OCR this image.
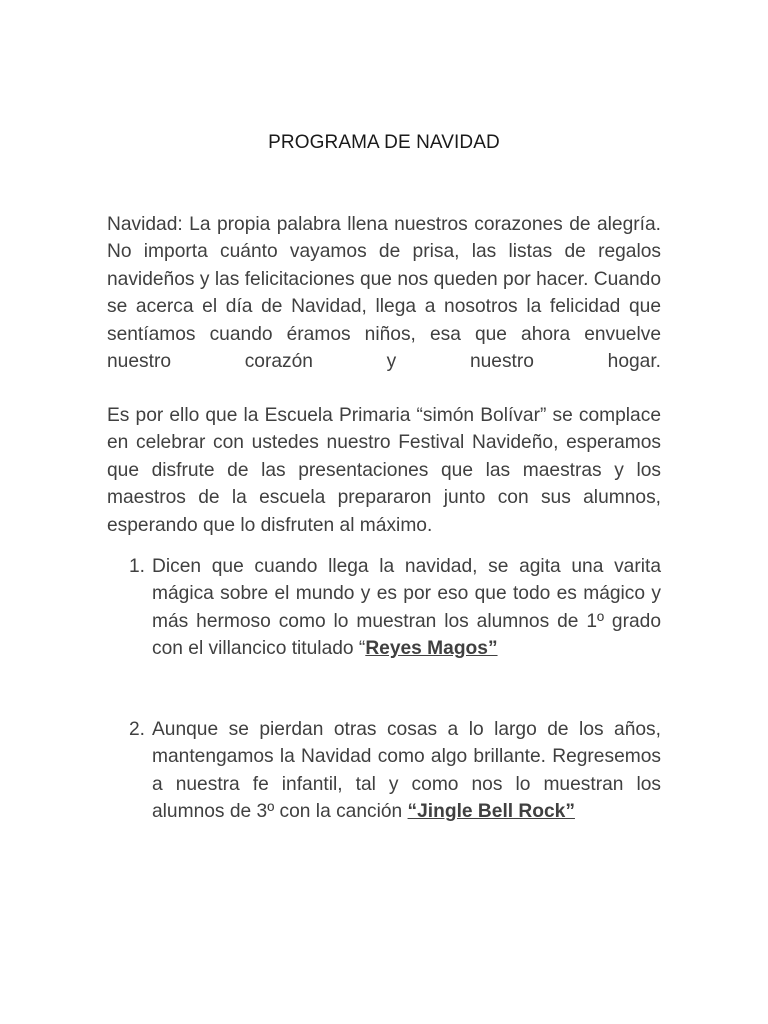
PROGRAMA DE NAVIDAD
Navidad: La propia palabra llena nuestros corazones de alegría. No importa cuánto vayamos de prisa, las listas de regalos navideños y las felicitaciones que nos queden por hacer. Cuando se acerca el día de Navidad, llega a nosotros la felicidad que sentíamos cuando éramos niños, esa que ahora envuelve nuestro corazón y nuestro hogar.
Es por ello que la Escuela Primaria “simón Bolívar” se complace en celebrar con ustedes nuestro Festival Navideño, esperamos que disfrute de las presentaciones que las maestras y los maestros de la escuela prepararon junto con sus alumnos, esperando que lo disfruten al máximo.
1. Dicen que cuando llega la navidad, se agita una varita mágica sobre el mundo y es por eso que todo es mágico y más hermoso como lo muestran los alumnos de 1º grado con el villancico titulado “Reyes Magos”
2. Aunque se pierdan otras cosas a lo largo de los años, mantengamos la Navidad como algo brillante. Regresemos a nuestra fe infantil, tal y como nos lo muestran los alumnos de 3º con la canción “Jingle Bell Rock”
